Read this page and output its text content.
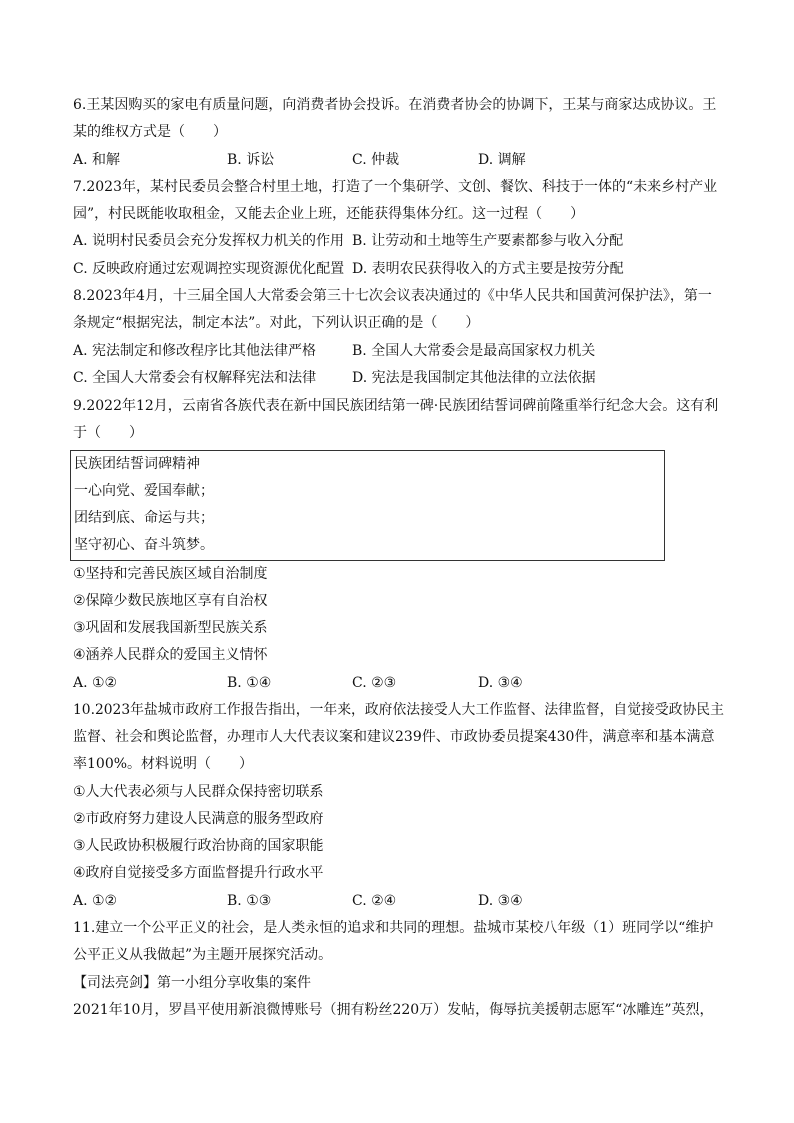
6.王某因购买的家电有质量问题，向消费者协会投诉。在消费者协会的协调下，王某与商家达成协议。王
某的维权方式是（　　）
A. 和解	B. 诉讼	C. 仲裁	D. 调解
7.2023年，某村民委员会整合村里土地，打造了一个集研学、文创、餐饮、科技于一体的“未来乡村产业
园”，村民既能收取租金，又能去企业上班，还能获得集体分红。这一过程（　　）
A. 说明村民委员会充分发挥权力机关的作用 B. 让劳动和土地等生产要素都参与收入分配
C. 反映政府通过宏观调控实现资源优化配置 D. 表明农民获得收入的方式主要是按劳分配
8.2023年4月，十三届全国人大常委会第三十七次会议表决通过的《中华人民共和国黄河保护法》，第一
条规定“根据宪法，制定本法”。对此，下列认识正确的是（　　）
A. 宪法制定和修改程序比其他法律严格	B. 全国人大常委会是最高国家权力机关
C. 全国人大常委会有权解释宪法和法律	D. 宪法是我国制定其他法律的立法依据
9.2022年12月，云南省各族代表在新中国民族团结第一碑·民族团结誓词碑前隆重举行纪念大会。这有利
于（　　）
民族团结誓词碑精神
一心向党、爱国奉献；
团结到底、命运与共；
坚守初心、奋斗筑梦。
①坚持和完善民族区域自治制度
②保障少数民族地区享有自治权
③巩固和发展我国新型民族关系
④涵养人民群众的爱国主义情怀
A. ①②	B. ①④	C. ②③	D. ③④
10.2023年盐城市政府工作报告指出，一年来，政府依法接受人大工作监督、法律监督，自觉接受政协民主
监督、社会和舆论监督，办理市人大代表议案和建议239件、市政协委员提案430件，满意率和基本满意
率100%。材料说明（　　）
①人大代表必须与人民群众保持密切联系
②市政府努力建设人民满意的服务型政府
③人民政协积极履行政治协商的国家职能
④政府自觉接受多方面监督提升行政水平
A. ①②	B. ①③	C. ②④	D. ③④
11.建立一个公平正义的社会，是人类永恒的追求和共同的理想。盐城市某校八年级（1）班同学以“维护
公平正义从我做起”为主题开展探究活动。
【司法亮剑】第一小组分享收集的案件
2021年10月，罗昌平使用新浪微博账号（拥有粉丝220万）发帖，侮辱抗美援朝志愿军“冰雕连”英烈，
